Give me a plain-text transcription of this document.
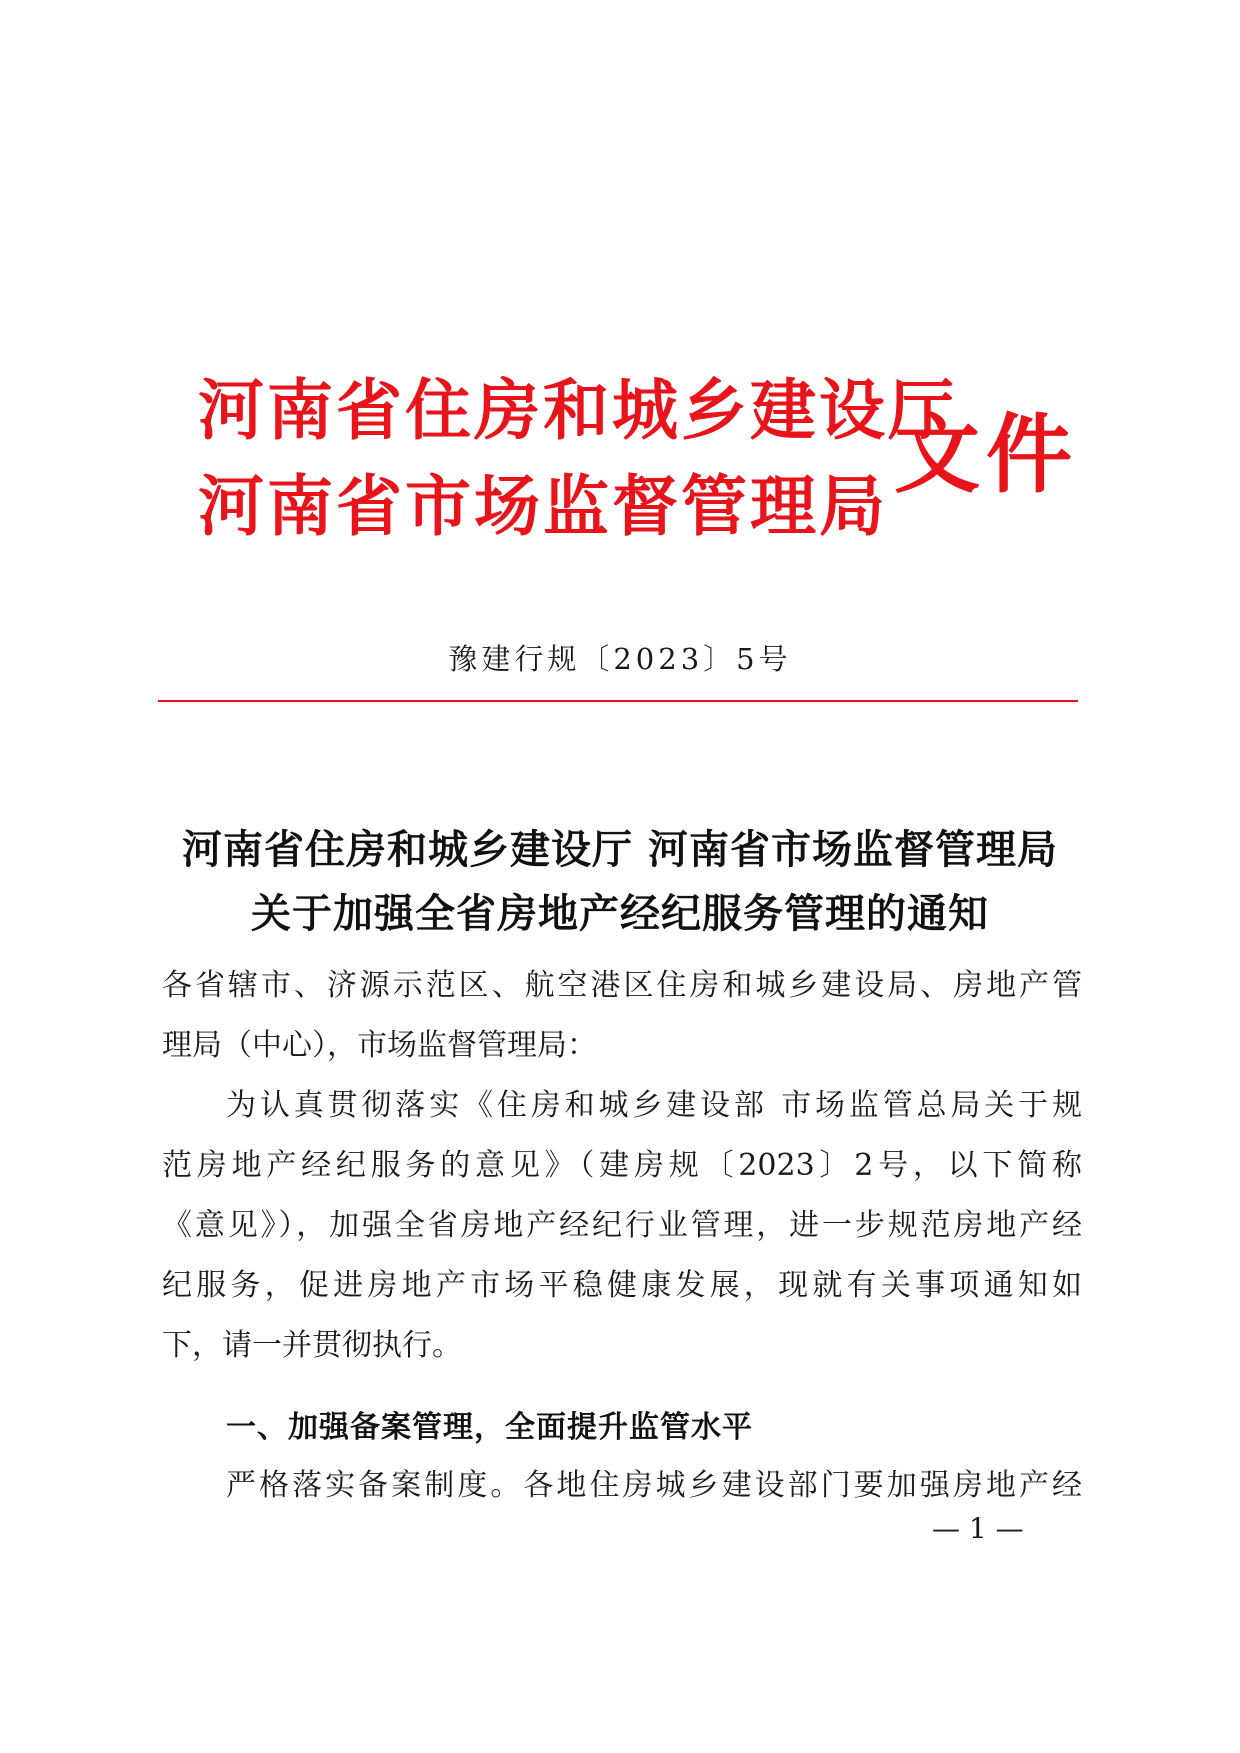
河南省住房和城乡建设厅
河南省市场监督管理局
文件
豫建行规〔2023〕5号
河南省住房和城乡建设厅 河南省市场监督管理局
关于加强全省房地产经纪服务管理的通知
各省辖市、济源示范区、航空港区住房和城乡建设局、房地产管
理局（中心），市场监督管理局：
为认真贯彻落实《住房和城乡建设部 市场监管总局关于规
范房地产经纪服务的意见》（建房规〔2023〕2号，以下简称
《意见》），加强全省房地产经纪行业管理，进一步规范房地产经
纪服务，促进房地产市场平稳健康发展，现就有关事项通知如
下，请一并贯彻执行。
一、加强备案管理，全面提升监管水平
严格落实备案制度。各地住房城乡建设部门要加强房地产经
— 1 —
